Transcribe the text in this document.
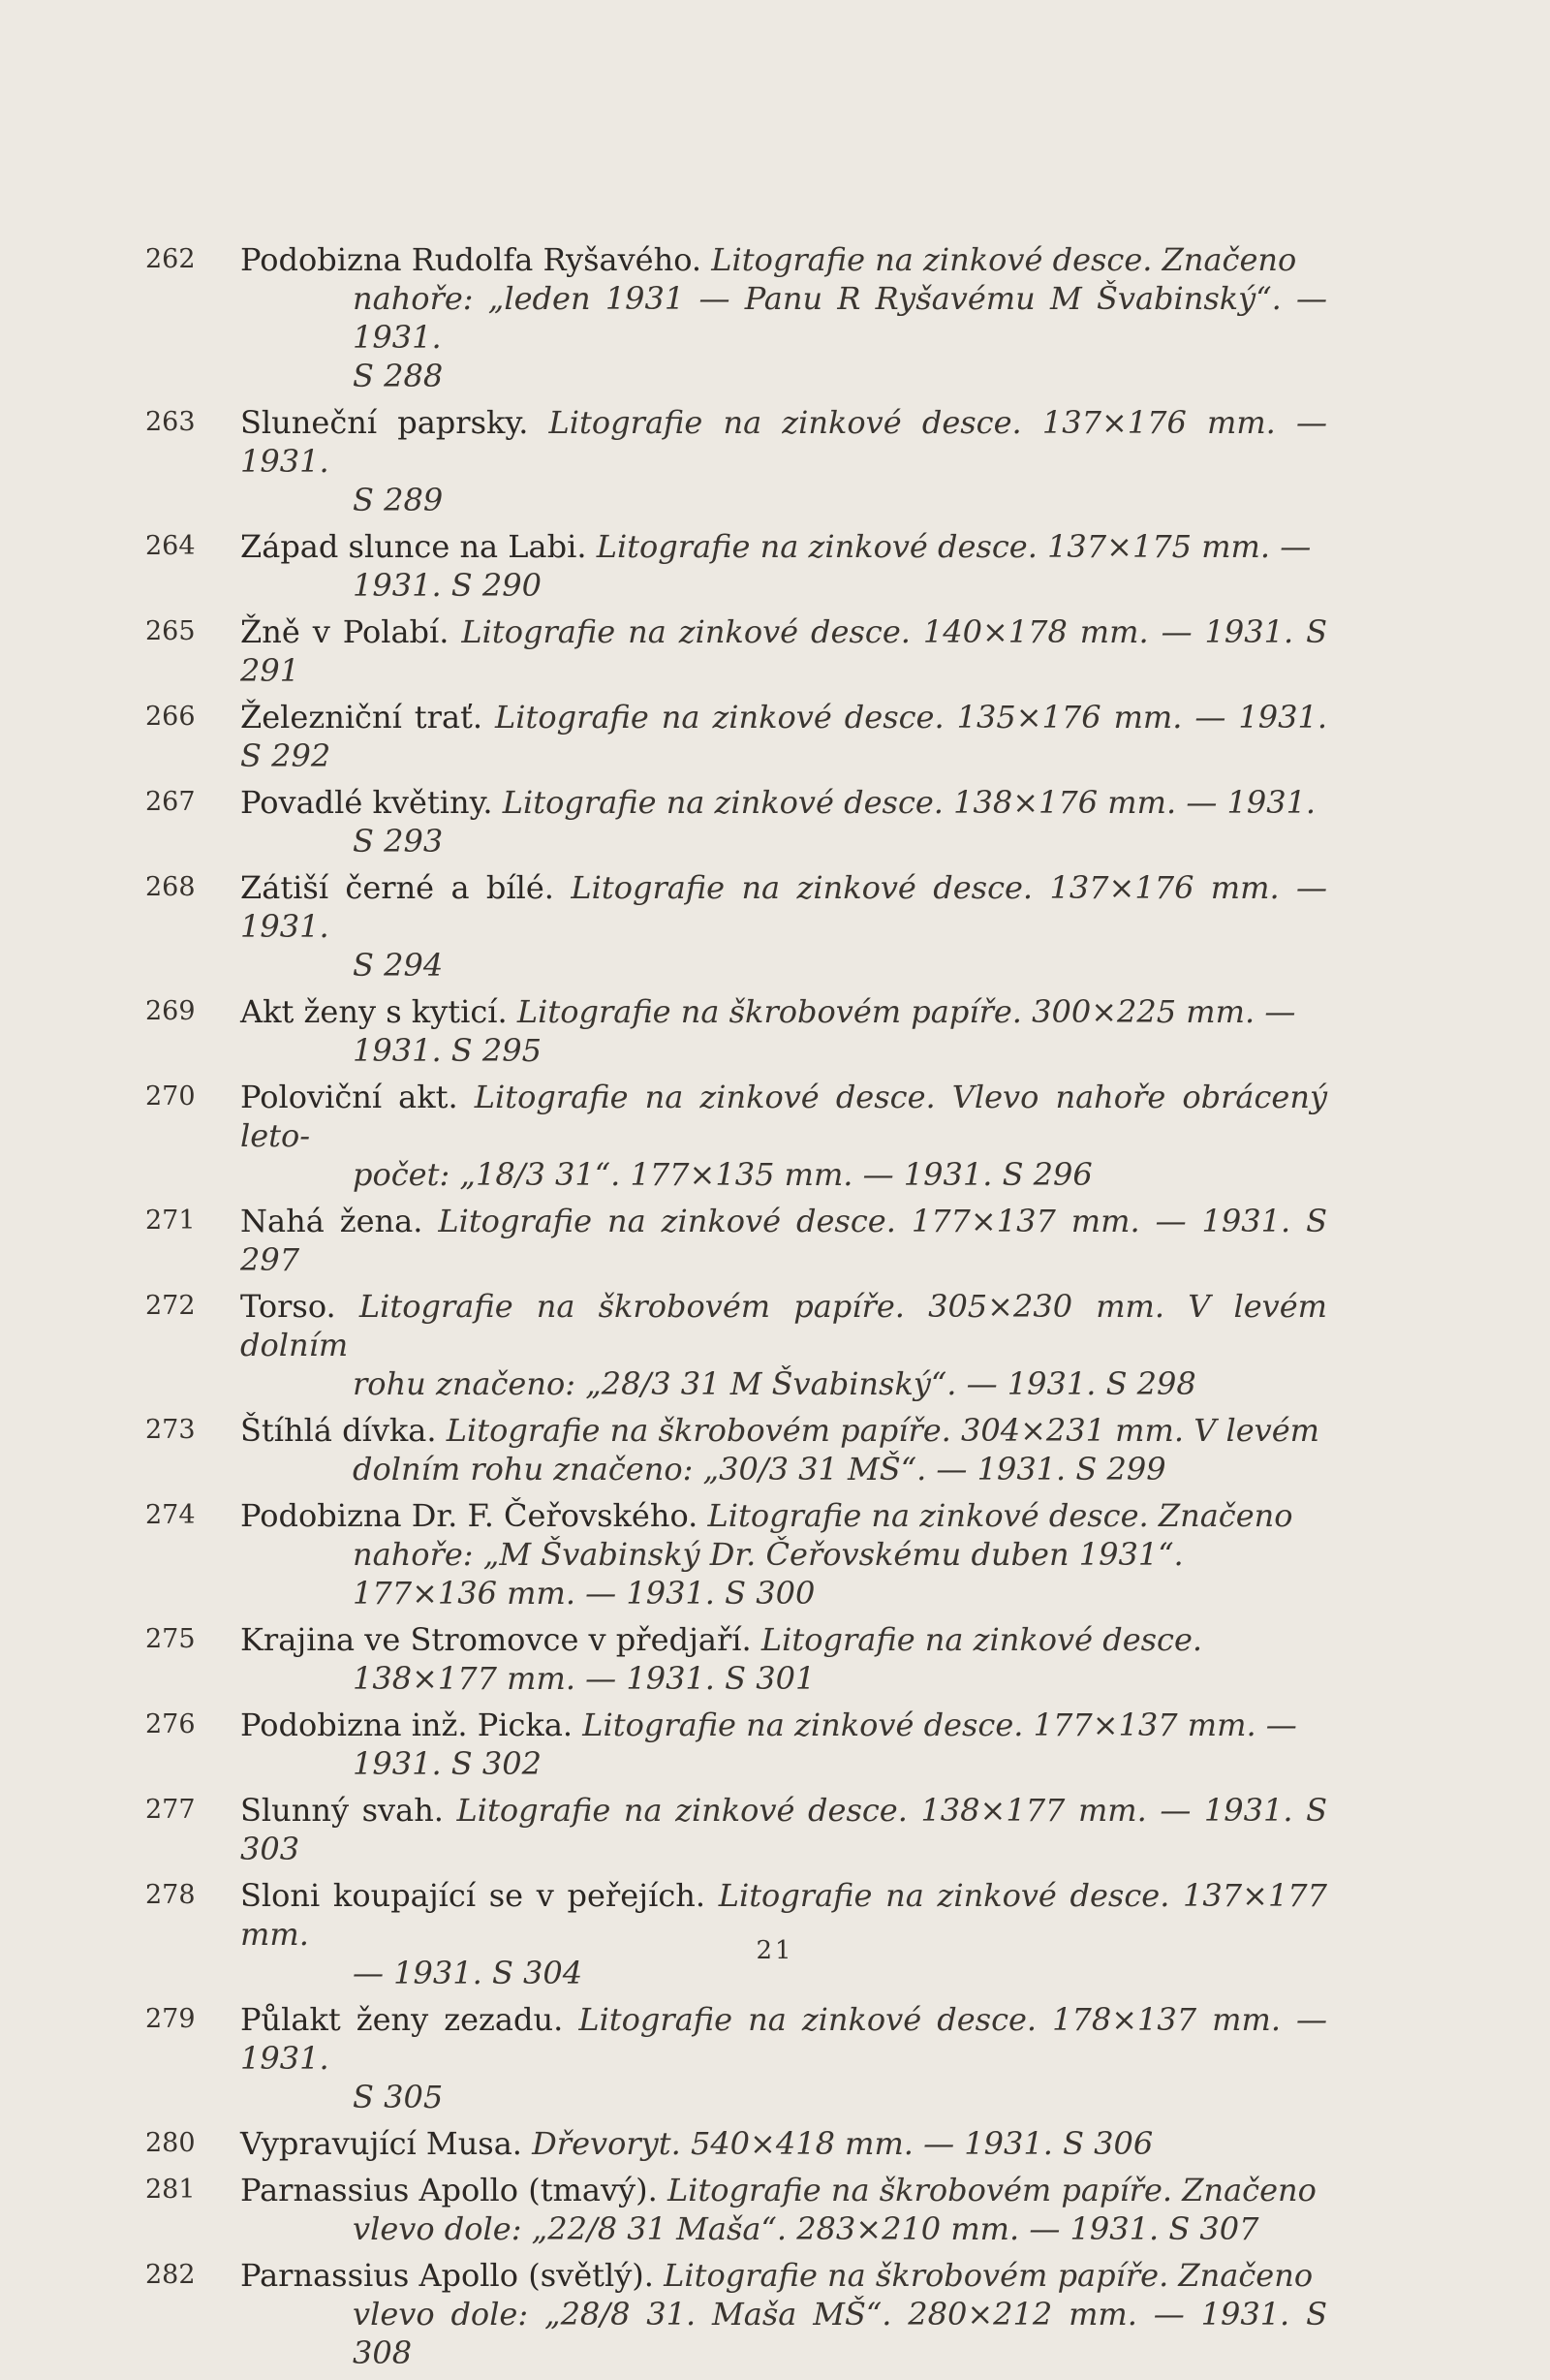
262	Podobizna Rudolfa Ryšavého. Litografie na zinkové desce. Značeno
nahoře: „leden 1931 — Panu R Ryšavému M Švabinský“. — 1931.
S 288
263	Sluneční paprsky. Litografie na zinkové desce. 137×176 mm. — 1931.
S 289
264	Západ slunce na Labi. Litografie na zinkové desce. 137×175 mm. —
1931. S 290
265	Žně v Polabí. Litografie na zinkové desce. 140×178 mm. — 1931. S 291
266	Železniční trať. Litografie na zinkové desce. 135×176 mm. — 1931. S 292
267	Povadlé květiny. Litografie na zinkové desce. 138×176 mm. — 1931.
S 293
268	Zátiší černé a bílé. Litografie na zinkové desce. 137×176 mm. — 1931.
S 294
269	Akt ženy s kyticí. Litografie na škrobovém papíře. 300×225 mm. —
1931. S 295
270	Poloviční akt. Litografie na zinkové desce. Vlevo nahoře obrácený leto-
počet: „18/3 31“. 177×135 mm. — 1931. S 296
271	Nahá žena. Litografie na zinkové desce. 177×137 mm. — 1931. S 297
272	Torso. Litografie na škrobovém papíře. 305×230 mm. V levém dolním
rohu značeno: „28/3 31 M Švabinský“. — 1931. S 298
273	Štíhlá dívka. Litografie na škrobovém papíře. 304×231 mm. V levém
dolním rohu značeno: „30/3 31 MŠ“. — 1931. S 299
274	Podobizna Dr. F. Čeřovského. Litografie na zinkové desce. Značeno
nahoře: „M Švabinský Dr. Čeřovskému duben 1931“.
177×136 mm. — 1931. S 300
275	Krajina ve Stromovce v předjaří. Litografie na zinkové desce.
138×177 mm. — 1931. S 301
276	Podobizna inž. Picka. Litografie na zinkové desce. 177×137 mm. —
1931. S 302
277	Slunný svah. Litografie na zinkové desce. 138×177 mm. — 1931. S 303
278	Sloni koupající se v peřejích. Litografie na zinkové desce. 137×177 mm.
— 1931. S 304
279	Půlakt ženy zezadu. Litografie na zinkové desce. 178×137 mm. — 1931.
S 305
280	Vypravující Musa. Dřevoryt. 540×418 mm. — 1931. S 306
281	Parnassius Apollo (tmavý). Litografie na škrobovém papíře. Značeno
vlevo dole: „22/8 31 Maša“. 283×210 mm. — 1931. S 307
282	Parnassius Apollo (světlý). Litografie na škrobovém papíře. Značeno
vlevo dole: „28/8 31. Maša MŠ“. 280×212 mm. — 1931. S 308
21
